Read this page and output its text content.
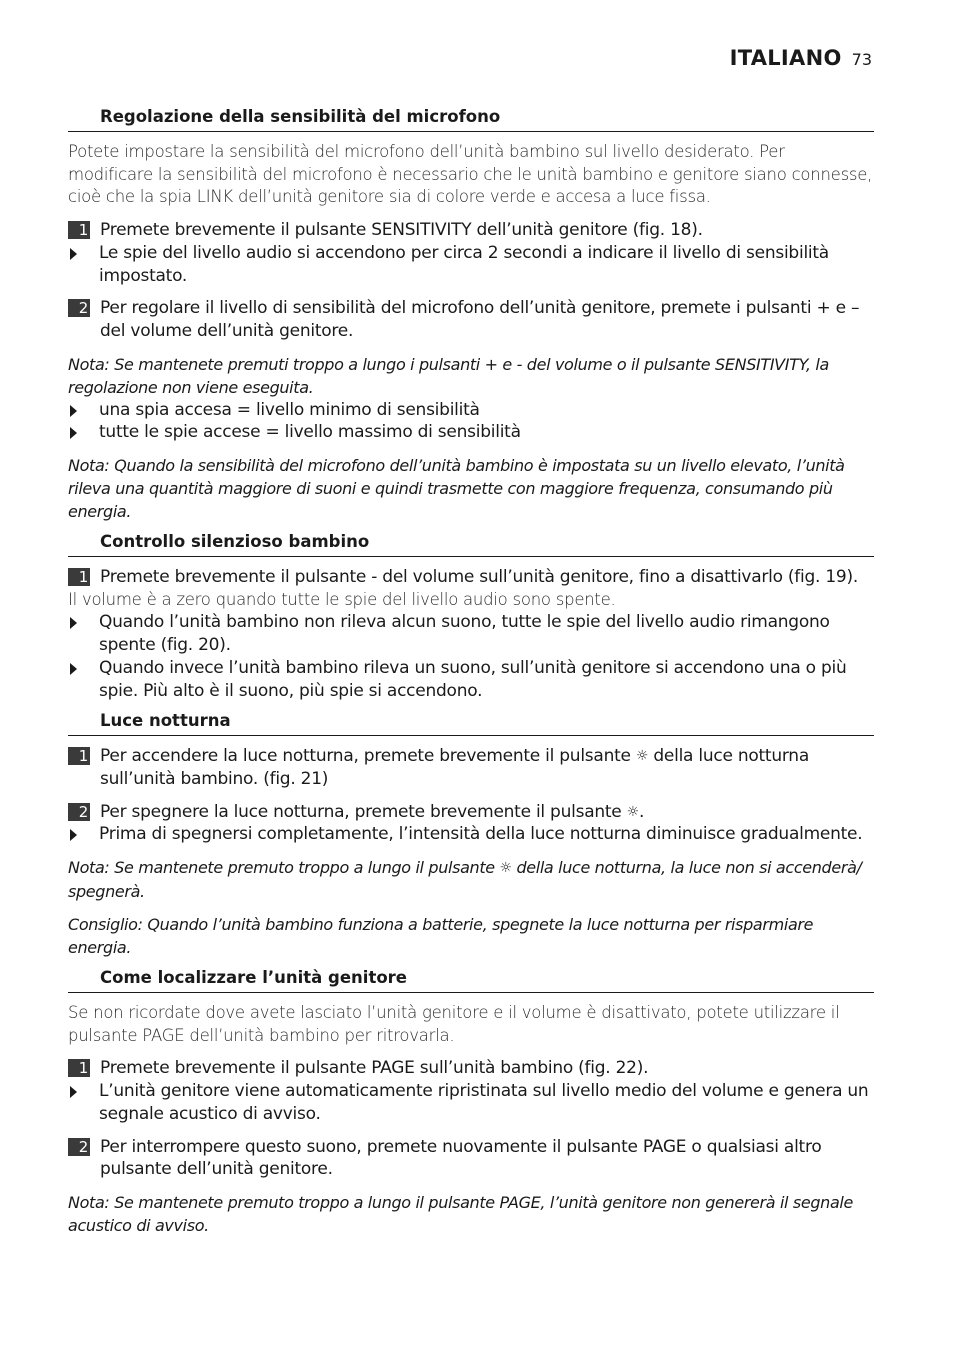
ITALIANO 73
Regolazione della sensibilità del microfono

Potete impostare la sensibilità del microfono dell’unità bambino sul livello desiderato. Per modificare la sensibilità del microfono è necessario che le unità bambino e genitore siano connesse, cioè che la spia LINK dell’unità genitore sia di colore verde e accesa a luce fissa.

1 Premete brevemente il pulsante SENSITIVITY dell’unità genitore (fig. 18).
Le spie del livello audio si accendono per circa 2 secondi a indicare il livello di sensibilità impostato.
2 Per regolare il livello di sensibilità del microfono dell’unità genitore, premete i pulsanti + e – del volume dell’unità genitore.

Nota: Se mantenete premuti troppo a lungo i pulsanti + e - del volume o il pulsante SENSITIVITY, la regolazione non viene eseguita.

una spia accesa = livello minimo di sensibilità
tutte le spie accese = livello massimo di sensibilità

Nota: Quando la sensibilità del microfono dell’unità bambino è impostata su un livello elevato, l’unità rileva una quantità maggiore di suoni e quindi trasmette con maggiore frequenza, consumando più energia.

Controllo silenzioso bambino
1 Premete brevemente il pulsante - del volume sull’unità genitore, fino a disattivarlo (fig. 19).
Il volume è a zero quando tutte le spie del livello audio sono spente.
Quando l’unità bambino non rileva alcun suono, tutte le spie del livello audio rimangono spente (fig. 20).
Quando invece l’unità bambino rileva un suono, sull’unità genitore si accendono una o più spie. Più alto è il suono, più spie si accendono.
Luce notturna
1 Per accendere la luce notturna, premete brevemente il pulsante ☼ della luce notturna sull’unità bambino. (fig. 21)
2 Per spegnere la luce notturna, premete brevemente il pulsante ☼.
Prima di spegnersi completamente, l’intensità della luce notturna diminuisce gradualmente.

Nota: Se mantenete premuto troppo a lungo il pulsante ☼ della luce notturna, la luce non si accenderà/ spegnerà.

Consiglio: Quando l’unità bambino funziona a batterie, spegnete la luce notturna per risparmiare energia.

Come localizzare l’unità genitore

Se non ricordate dove avete lasciato l’unità genitore e il volume è disattivato, potete utilizzare il pulsante PAGE dell’unità bambino per ritrovarla.

1 Premete brevemente il pulsante PAGE sull’unità bambino (fig. 22).
L’unità genitore viene automaticamente ripristinata sul livello medio del volume e genera un segnale acustico di avviso.
2 Per interrompere questo suono, premete nuovamente il pulsante PAGE o qualsiasi altro pulsante dell’unità genitore.

Nota: Se mantenete premuto troppo a lungo il pulsante PAGE, l’unità genitore non genererà il segnale acustico di avviso.
